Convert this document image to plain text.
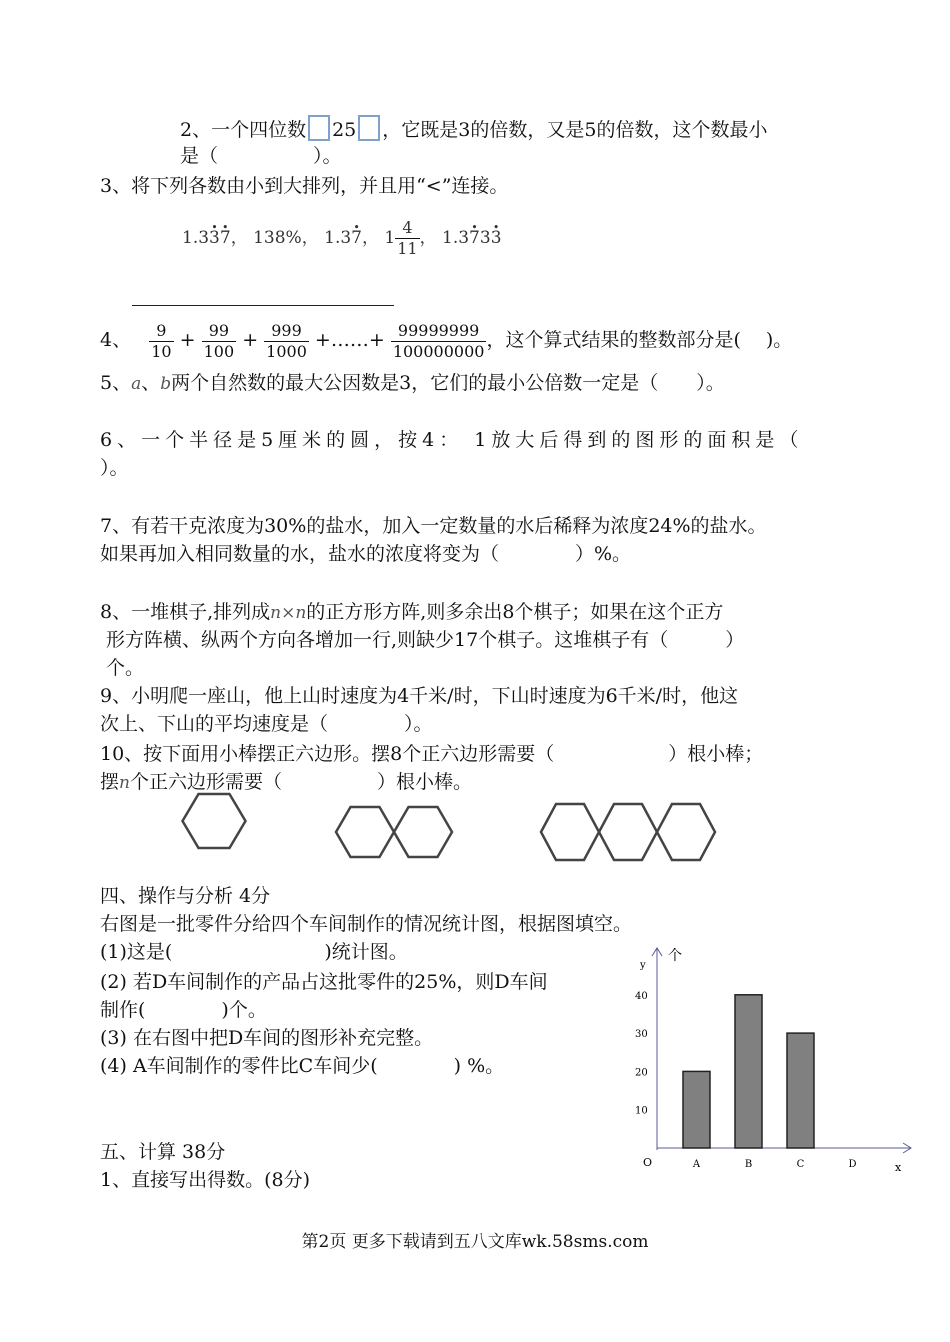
2、一个四位数 25 ，它既是3的倍数，又是5的倍数，这个数最小
是（　　　　　）。
3、将下列各数由小到大排列，并且用“<”连接。
1.3• 3• 7， 138%， 1.3• 7， $1 \frac{4}{11}$ ， 1.3• 73• 3
4、 $\frac{9}{10} + \frac{99}{100} + \frac{999}{1000}$ +……+ $\frac{99999999}{100000000}$ ，这个算式结果的整数部分是(　 )。
5、a、b两个自然数的最大公因数是3，它们的最小公倍数一定是（　　）。
6、一个半径是5厘米的圆，按4： 1放大后得到的图形的面积是（
）。
7、有若干克浓度为30%的盐水，加入一定数量的水后稀释为浓度24%的盐水。
如果再加入相同数量的水，盐水的浓度将变为（　　　　）%。
8、一堆棋子,排列成n×n的正方形方阵,则多余出8个棋子；如果在这个正方
形方阵横、纵两个方向各增加一行,则缺少17个棋子。这堆棋子有（　　　）
个。
9、小明爬一座山，他上山时速度为4千米/时，下山时速度为6千米/时，他这
次上、下山的平均速度是（　　　　）。
10、按下面用小棒摆正六边形。摆8个正六边形需要（　　　　　　）根小棒；
摆n个正六边形需要（　　　　　）根小棒。
四、操作与分析 4分
右图是一批零件分给四个车间制作的情况统计图，根据图填空。
(1)这是(　　　　　　　　)统计图。
(2) 若D车间制作的产品占这批零件的25%，则D车间
制作(　　　　)个。
(3) 在右图中把D车间的图形补充完整。
(4) A车间制作的零件比C车间少(　　　　) %。
y
个
O	x
10
20
30
40
A	B	C	D
五、计算 38分
1、直接写出得数。(8分)
第2页 更多下载请到五八文库wk.58sms.com
